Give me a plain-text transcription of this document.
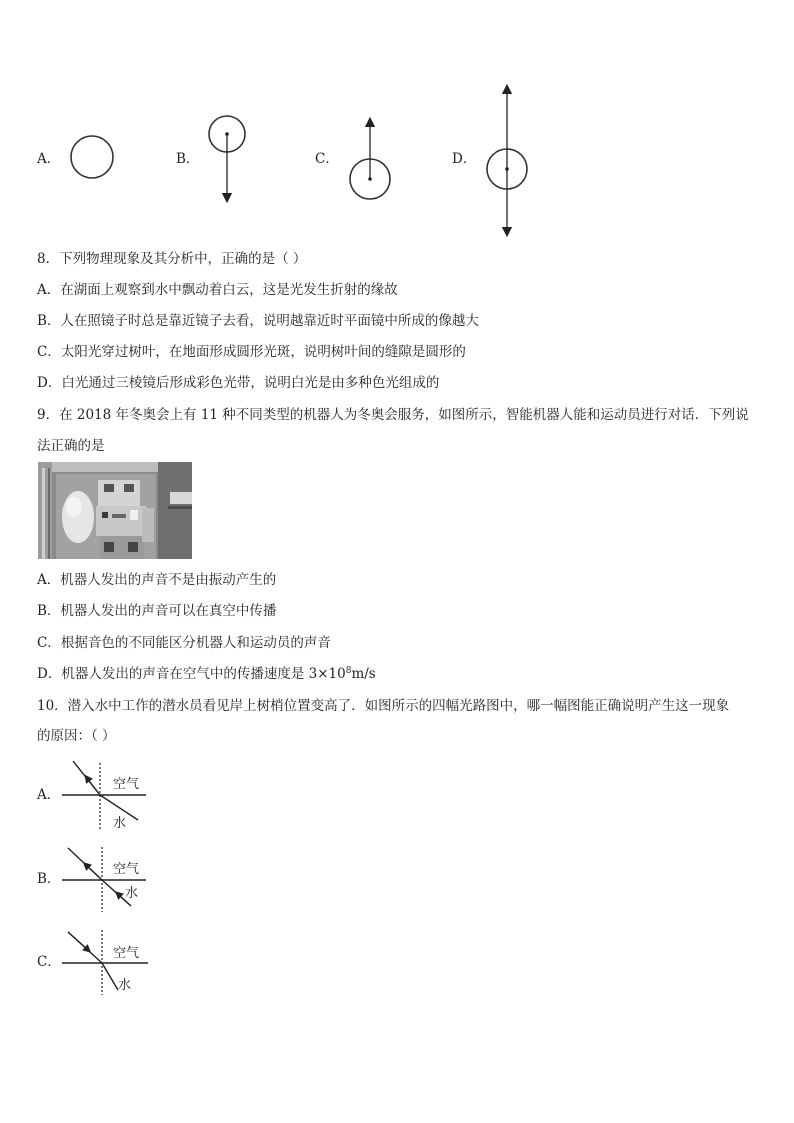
A．	B．	C．	D．
8．下列物理现象及其分析中，正确的是（ ）
A．在湖面上观察到水中飘动着白云，这是光发生折射的缘故
B．人在照镜子时总是靠近镜子去看，说明越靠近时平面镜中所成的像越大
C．太阳光穿过树叶，在地面形成圆形光斑，说明树叶间的缝隙是圆形的
D．白光通过三棱镜后形成彩色光带，说明白光是由多种色光组成的
9．在 2018 年冬奥会上有 11 种不同类型的机器人为冬奥会服务，如图所示，智能机器人能和运动员进行对话．下列说
法正确的是
A．机器人发出的声音不是由振动产生的
B．机器人发出的声音可以在真空中传播
C．根据音色的不同能区分机器人和运动员的声音
D．机器人发出的声音在空气中的传播速度是 $3\times 10^8m/s$
10．潜入水中工作的潜水员看见岸上树梢位置变高了．如图所示的四幅光路图中，哪一幅图能正确说明产生这一现象
的原因：（ ）
A．
B．
C．
空气
水
空气
水
空气
水
